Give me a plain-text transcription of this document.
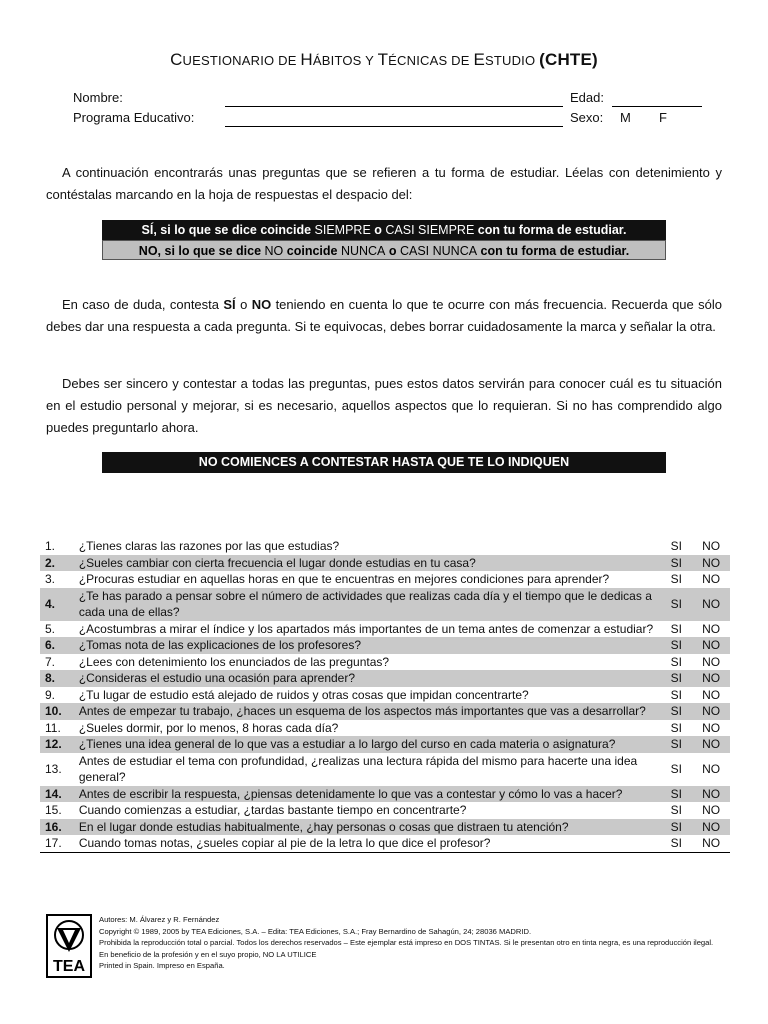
CUESTIONARIO DE HÁBITOS Y TÉCNICAS DE ESTUDIO (CHTE)
Nombre:
Programa Educativo:
Edad:
Sexo: M F
A continuación encontrarás unas preguntas que se refieren a tu forma de estudiar. Léelas con detenimiento y contéstalas marcando en la hoja de respuestas el despacio del:
SÍ, si lo que se dice coincide SIEMPRE o CASI SIEMPRE con tu forma de estudiar.
NO, si lo que se dice NO coincide NUNCA o CASI NUNCA con tu forma de estudiar.
En caso de duda, contesta SÍ o NO teniendo en cuenta lo que te ocurre con más frecuencia. Recuerda que sólo debes dar una respuesta a cada pregunta. Si te equivocas, debes borrar cuidadosamente la marca y señalar la otra.
Debes ser sincero y contestar a todas las preguntas, pues estos datos servirán para conocer cuál es tu situación en el estudio personal y mejorar, si es necesario, aquellos aspectos que lo requieran. Si no has comprendido algo puedes preguntarlo ahora.
NO COMIENCES A CONTESTAR HASTA QUE TE LO INDIQUEN
1.	¿Tienes claras las razones por las que estudias?	SI	NO
2.	¿Sueles cambiar con cierta frecuencia el lugar donde estudias en tu casa?	SI	NO
3.	¿Procuras estudiar en aquellas horas en que te encuentras en mejores condiciones para aprender?	SI	NO
4.	¿Te has parado a pensar sobre el número de actividades que realizas cada día y el tiempo que le dedicas a cada una de ellas?	SI	NO
5.	¿Acostumbras a mirar el índice y los apartados más importantes de un tema antes de comenzar a estudiar?	SI	NO
6.	¿Tomas nota de las explicaciones de los profesores?	SI	NO
7.	¿Lees con detenimiento los enunciados de las preguntas?	SI	NO
8.	¿Consideras el estudio una ocasión para aprender?	SI	NO
9.	¿Tu lugar de estudio está alejado de ruidos y otras cosas que impidan concentrarte?	SI	NO
10.	Antes de empezar tu trabajo, ¿haces un esquema de los aspectos más importantes que vas a desarrollar?	SI	NO
11.	¿Sueles dormir, por lo menos, 8 horas cada día?	SI	NO
12.	¿Tienes una idea general de lo que vas a estudiar a lo largo del curso en cada materia o asignatura?	SI	NO
13.	Antes de estudiar el tema con profundidad, ¿realizas una lectura rápida del mismo para hacerte una idea general?	SI	NO
14.	Antes de escribir la respuesta, ¿piensas detenidamente lo que vas a contestar y cómo lo vas a hacer?	SI	NO
15.	Cuando comienzas a estudiar, ¿tardas bastante tiempo en concentrarte?	SI	NO
16.	En el lugar donde estudias habitualmente, ¿hay personas o cosas que distraen tu atención?	SI	NO
17.	Cuando tomas notas, ¿sueles copiar al pie de la letra lo que dice el profesor?	SI	NO
TEA
Autores: M. Álvarez y R. Fernández
Copyright © 1989, 2005 by TEA Ediciones, S.A. – Edita: TEA Ediciones, S.A.; Fray Bernardino de Sahagún, 24; 28036 MADRID.
Prohibida la reproducción total o parcial. Todos los derechos reservados – Este ejemplar está impreso en DOS TINTAS. Si le presentan otro en tinta negra, es una reproducción ilegal. En beneficio de la profesión y en el suyo propio, NO LA UTILICE
Printed in Spain. Impreso en España.
